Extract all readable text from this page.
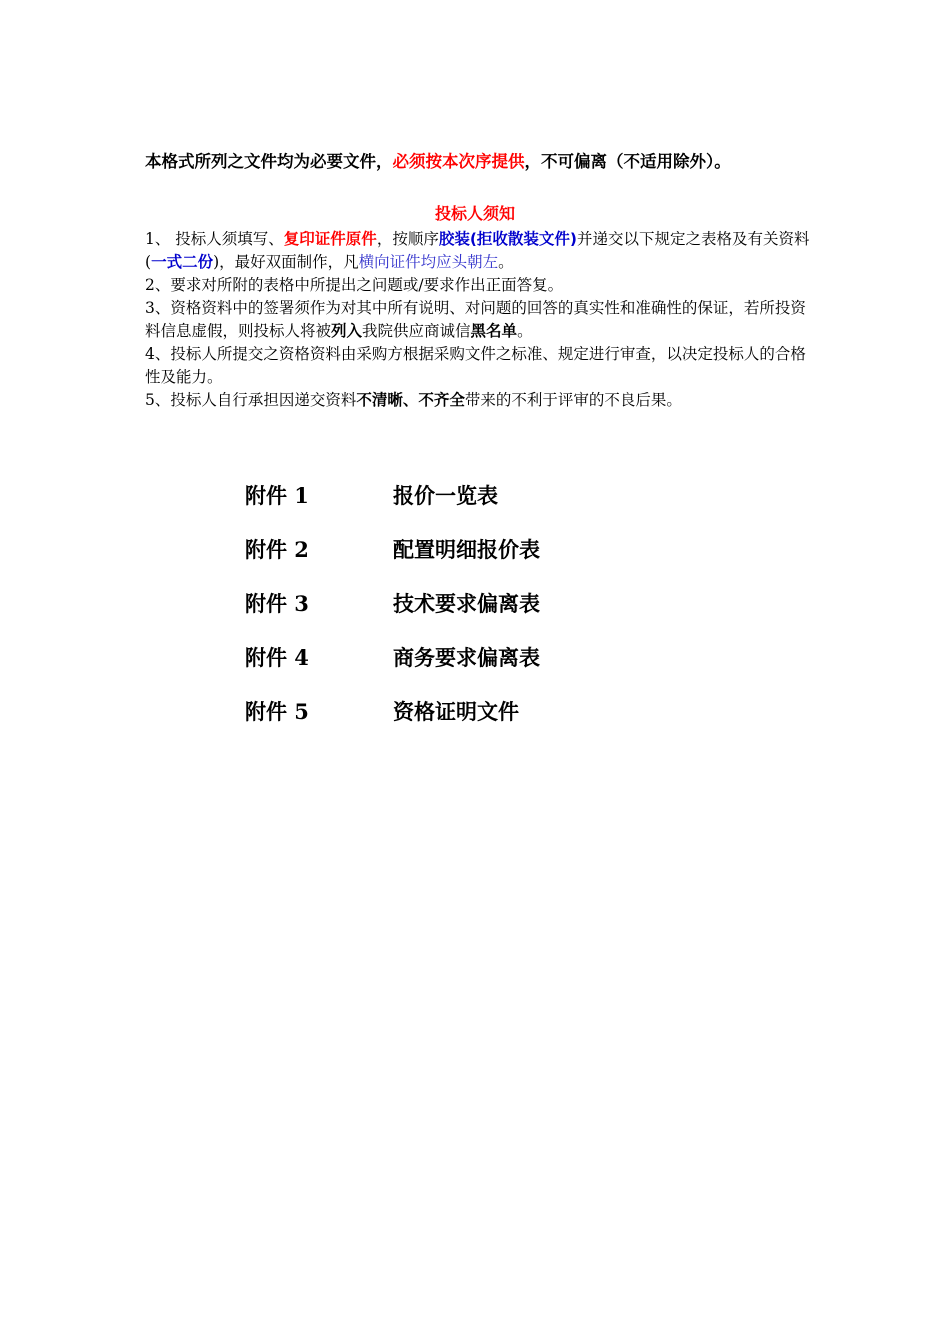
本格式所列之文件均为必要文件，必须按本次序提供，不可偏离（不适用除外）。
投标人须知

1、 投标人须填写、复印证件原件，按顺序胶装(拒收散装文件)并递交以下规定之表格及有关资料(一式二份)，最好双面制作，凡横向证件均应头朝左。

2、要求对所附的表格中所提出之问题或/要求作出正面答复。

3、资格资料中的签署须作为对其中所有说明、对问题的回答的真实性和准确性的保证，若所投资料信息虚假，则投标人将被列入我院供应商诚信黑名单。

4、投标人所提交之资格资料由采购方根据采购文件之标准、规定进行审查，以决定投标人的合格性及能力。

5、投标人自行承担因递交资料不清晰、不齐全带来的不利于评审的不良后果。

附件 1	报价一览表
附件 2	配置明细报价表
附件 3	技术要求偏离表
附件 4	商务要求偏离表
附件 5	资格证明文件
